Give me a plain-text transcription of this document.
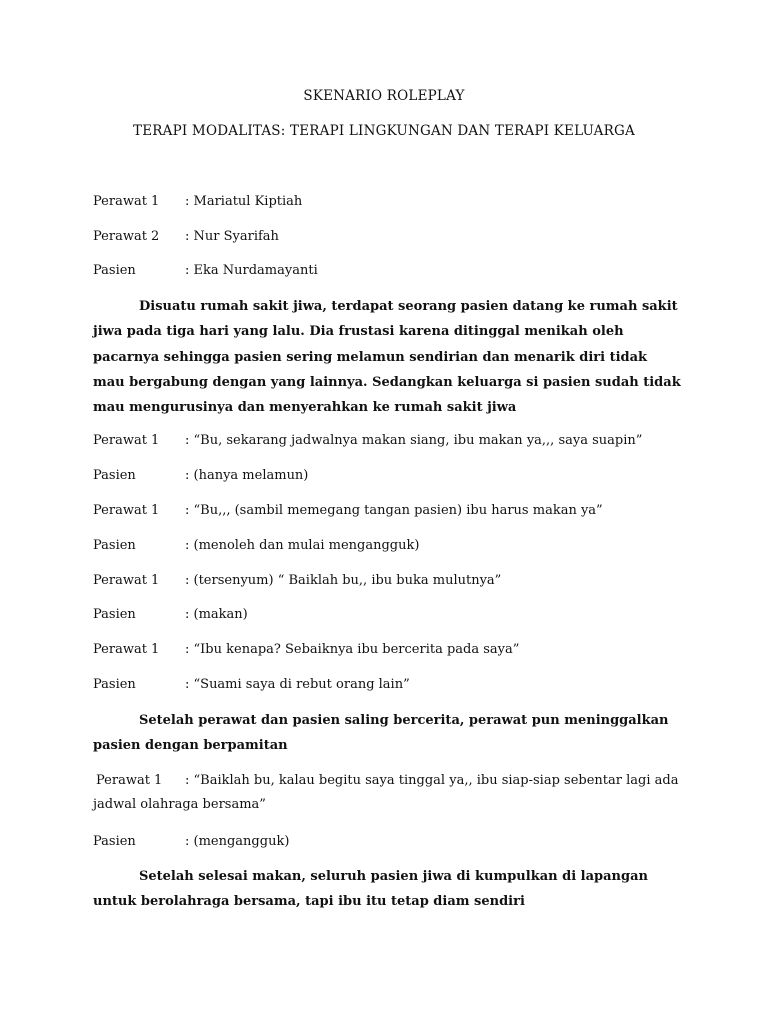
SKENARIO ROLEPLAY
TERAPI MODALITAS: TERAPI LINGKUNGAN DAN TERAPI KELUARGA
Perawat 1 : Mariatul Kiptiah
Perawat 2 : Nur Syarifah
Pasien	: Eka Nurdamayanti
Disuatu rumah sakit jiwa, terdapat seorang pasien datang ke rumah sakit jiwa pada tiga hari yang lalu. Dia frustasi karena ditinggal menikah oleh pacarnya sehingga pasien sering melamun sendirian dan menarik diri tidak mau bergabung dengan yang lainnya. Sedangkan keluarga si pasien sudah tidak mau mengurusinya dan menyerahkan ke rumah sakit jiwa
Perawat 1 : “Bu, sekarang jadwalnya makan siang, ibu makan ya,,, saya suapin”
Pasien	: (hanya melamun)
Perawat 1 : “Bu,,, (sambil memegang tangan pasien) ibu harus makan ya”
Pasien	: (menoleh dan mulai mengangguk)
Perawat 1 : (tersenyum) “ Baiklah bu,, ibu buka mulutnya”
Pasien	: (makan)
Perawat 1 : “Ibu kenapa? Sebaiknya ibu bercerita pada saya”
Pasien	: “Suami saya di rebut orang lain”
Setelah perawat dan pasien saling bercerita, perawat pun meninggalkan pasien dengan berpamitan
Perawat 1 : “Baiklah bu, kalau begitu saya tinggal ya,, ibu siap-siap sebentar lagi ada
jadwal olahraga bersama”
Pasien	: (mengangguk)
Setelah selesai makan, seluruh pasien jiwa di kumpulkan di lapangan untuk berolahraga bersama, tapi ibu itu tetap diam sendiri
